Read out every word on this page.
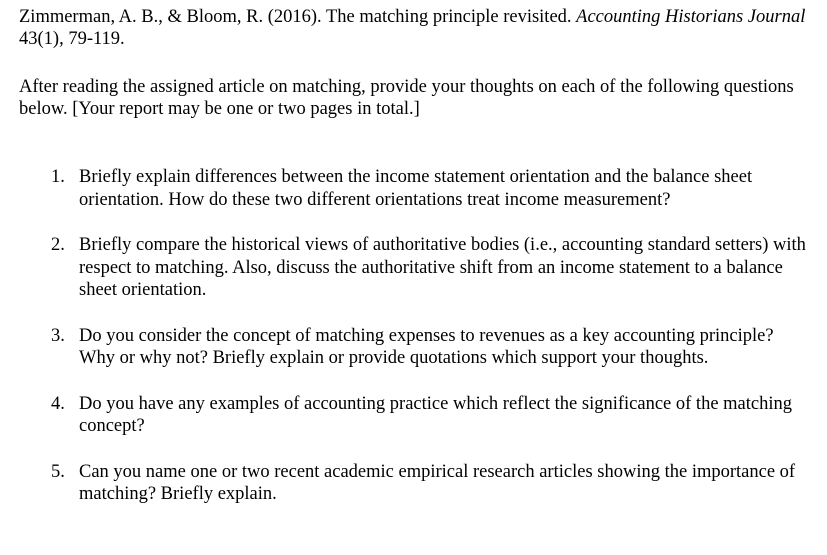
Zimmerman, A. B., & Bloom, R. (2016). The matching principle revisited. Accounting Historians Journal 43(1), 79-119.

After reading the assigned article on matching, provide your thoughts on each of the following questions below. [Your report may be one or two pages in total.]

1. Briefly explain differences between the income statement orientation and the balance sheet orientation. How do these two different orientations treat income measurement?
2. Briefly compare the historical views of authoritative bodies (i.e., accounting standard setters) with respect to matching. Also, discuss the authoritative shift from an income statement to a balance sheet orientation.
3. Do you consider the concept of matching expenses to revenues as a key accounting principle? Why or why not? Briefly explain or provide quotations which support your thoughts.
4. Do you have any examples of accounting practice which reflect the significance of the matching concept?
5. Can you name one or two recent academic empirical research articles showing the importance of matching? Briefly explain.
